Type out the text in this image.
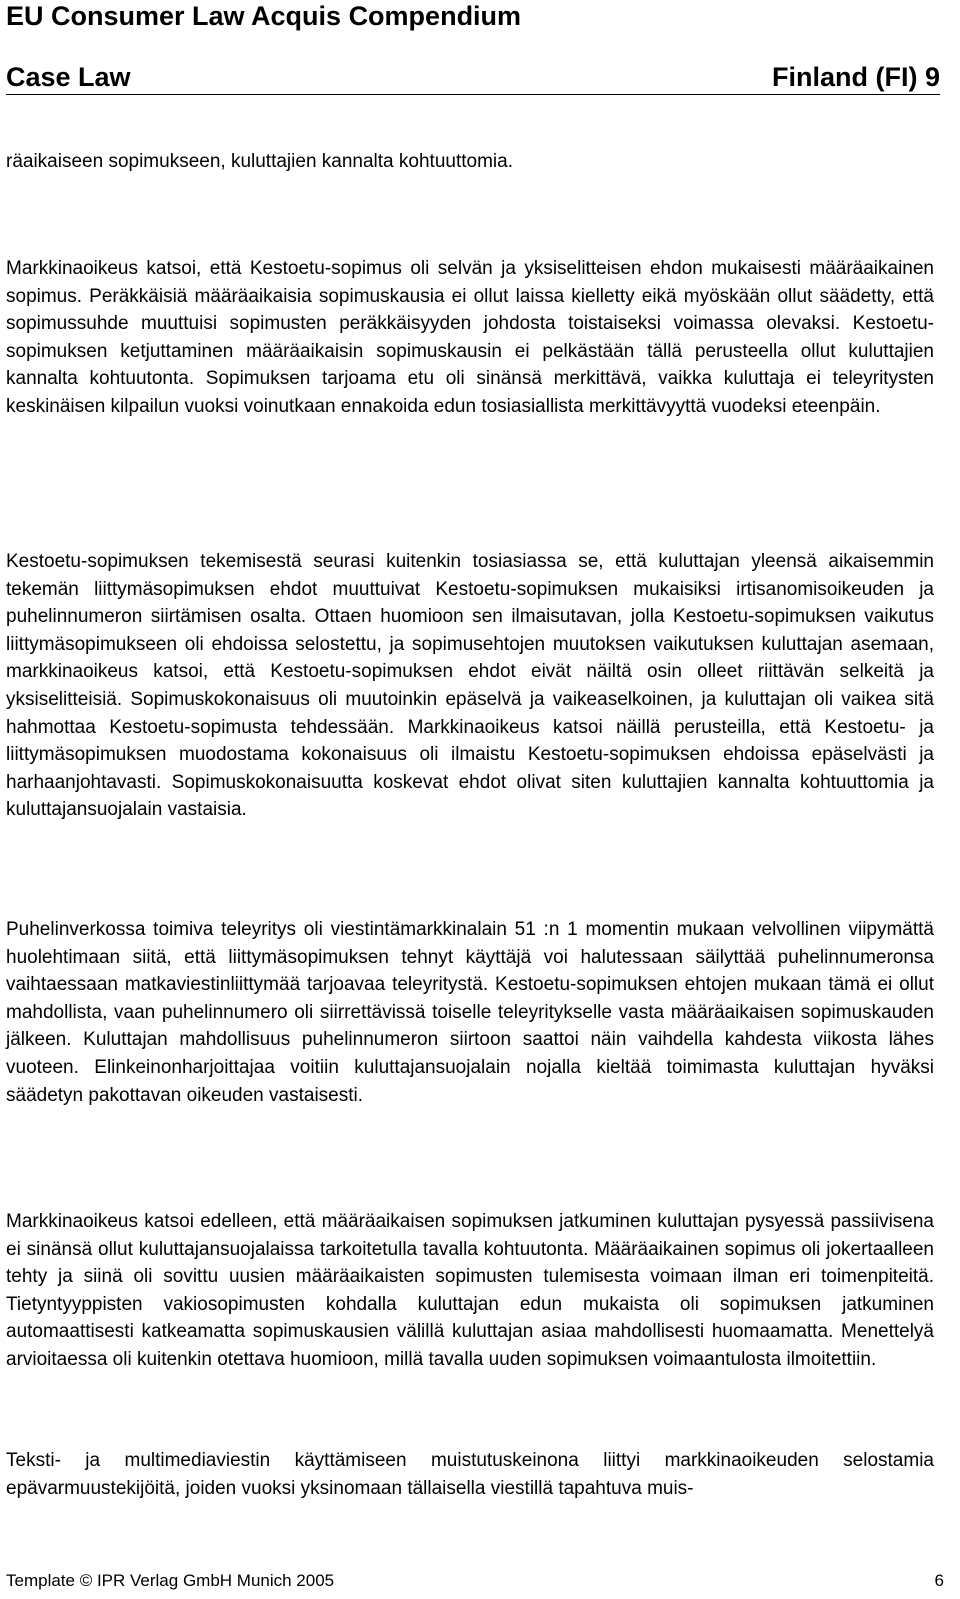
EU Consumer Law Acquis Compendium
Case Law	Finland (FI) 9

räaikaiseen sopimukseen, kuluttajien kannalta kohtuuttomia.

Markkinaoikeus katsoi, että Kestoetu-sopimus oli selvän ja yksiselitteisen ehdon mukaisesti määräaikainen sopimus. Peräkkäisiä määräaikaisia sopimuskausia ei ollut laissa kielletty eikä myöskään ollut säädetty, että sopimussuhde muuttuisi sopimusten peräkkäisyyden johdosta toistaiseksi voimassa olevaksi. Kestoetu- sopimuksen ketjuttaminen määräaikaisin sopimuskausin ei pelkästään tällä perusteella ollut kuluttajien kannalta kohtuutonta. Sopimuksen tarjoama etu oli sinänsä merkittävä, vaikka kuluttaja ei teleyritysten keskinäisen kilpailun vuoksi voinutkaan ennakoida edun tosiasiallista merkittävyyttä vuodeksi eteenpäin.

Kestoetu-sopimuksen tekemisestä seurasi kuitenkin tosiasiassa se, että kuluttajan yleensä aikaisemmin tekemän liittymäsopimuksen ehdot muuttuivat Kestoetu-sopimuksen mukaisiksi irtisanomisoikeuden ja puhelinnumeron siirtämisen osalta. Ottaen huomioon sen ilmaisutavan, jolla Kestoetu-sopimuksen vaikutus liittymäsopimukseen oli ehdoissa selostettu, ja sopimusehtojen muutoksen vaikutuksen kuluttajan asemaan, markkinaoikeus katsoi, että Kestoetu-sopimuksen ehdot eivät näiltä osin olleet riittävän selkeitä ja yksiselitteisiä. Sopimuskokonaisuus oli muutoinkin epäselvä ja vaikeaselkoinen, ja kuluttajan oli vaikea sitä hahmottaa Kestoetu-sopimusta tehdessään. Markkinaoikeus katsoi näillä perusteilla, että Kestoetu- ja liittymäsopimuksen muodostama kokonaisuus oli ilmaistu Kestoetu-sopimuksen ehdoissa epäselvästi ja harhaanjohtavasti. Sopimuskokonaisuutta koskevat ehdot olivat siten kuluttajien kannalta kohtuuttomia ja kuluttajansuojalain vastaisia.

Puhelinverkossa toimiva teleyritys oli viestintämarkkinalain 51 :n 1 momentin mukaan velvollinen viipymättä huolehtimaan siitä, että liittymäsopimuksen tehnyt käyttäjä voi halutessaan säilyttää puhelinnumeronsa vaihtaessaan matkaviestinliittymää tarjoavaa teleyritystä. Kestoetu-sopimuksen ehtojen mukaan tämä ei ollut mahdollista, vaan puhelinnumero oli siirrettävissä toiselle teleyritykselle vasta määräaikaisen sopimuskauden jälkeen. Kuluttajan mahdollisuus puhelinnumeron siirtoon saattoi näin vaihdella kahdesta viikosta lähes vuoteen. Elinkeinonharjoittajaa voitiin kuluttajansuojalain nojalla kieltää toimimasta kuluttajan hyväksi säädetyn pakottavan oikeuden vastaisesti.

Markkinaoikeus katsoi edelleen, että määräaikaisen sopimuksen jatkuminen kuluttajan pysyessä passiivisena ei sinänsä ollut kuluttajansuojalaissa tarkoitetulla tavalla kohtuutonta. Määräaikainen sopimus oli jokertaalleen tehty ja siinä oli sovittu uusien määräaikaisten sopimusten tulemisesta voimaan ilman eri toimenpiteitä. Tietyntyyppisten vakiosopimusten kohdalla kuluttajan edun mukaista oli sopimuksen jatkuminen automaattisesti katkeamatta sopimuskausien välillä kuluttajan asiaa mahdollisesti huomaamatta. Menettelyä arvioitaessa oli kuitenkin otettava huomioon, millä tavalla uuden sopimuksen voimaantulosta ilmoitettiin.

Teksti- ja multimediaviestin käyttämiseen muistutuskeinona liittyi markkinaoikeuden selostamia epävarmuustekijöitä, joiden vuoksi yksinomaan tällaisella viestillä tapahtuva muis-

Template © IPR Verlag GmbH Munich 2005	6
